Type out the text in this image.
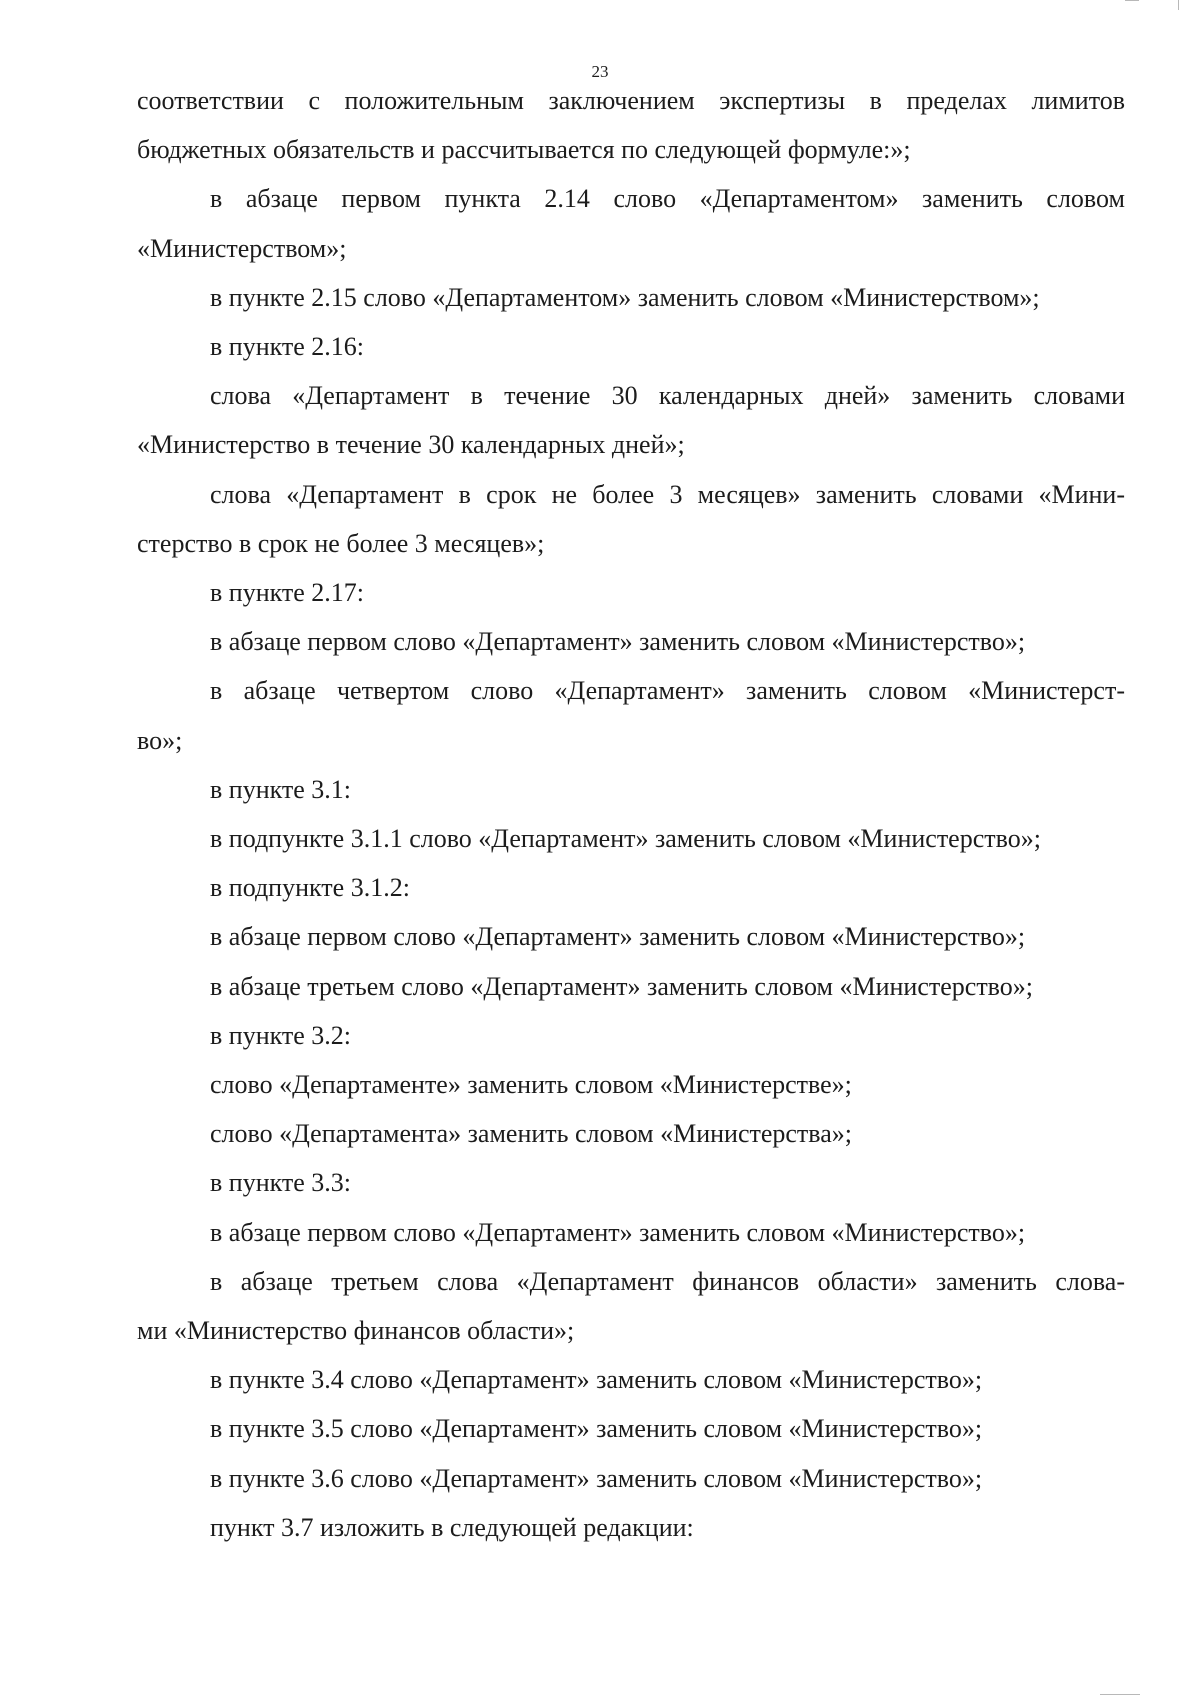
23

соответствии с положительным заключением экспертизы в пределах лимитов

бюджетных обязательств и рассчитывается по следующей формуле:»;

в абзаце первом пункта 2.14 слово «Департаментом» заменить словом

«Министерством»;

в пункте 2.15 слово «Департаментом» заменить словом «Министерством»;

в пункте 2.16:

слова «Департамент в течение 30 календарных дней» заменить словами

«Министерство в течение 30 календарных дней»;

слова «Департамент в срок не более 3 месяцев» заменить словами «Мини-

стерство в срок не более 3 месяцев»;

в пункте 2.17:

в абзаце первом слово «Департамент» заменить словом «Министерство»;

в абзаце четвертом слово «Департамент» заменить словом «Министерст-

во»;

в пункте 3.1:

в подпункте 3.1.1 слово «Департамент» заменить словом «Министерство»;

в подпункте 3.1.2:

в абзаце первом слово «Департамент» заменить словом «Министерство»;

в абзаце третьем слово «Департамент» заменить словом «Министерство»;

в пункте 3.2:

слово «Департаменте» заменить словом «Министерстве»;

слово «Департамента» заменить словом «Министерства»;

в пункте 3.3:

в абзаце первом слово «Департамент» заменить словом «Министерство»;

в абзаце третьем слова «Департамент финансов области» заменить слова-

ми «Министерство финансов области»;

в пункте 3.4 слово «Департамент» заменить словом «Министерство»;

в пункте 3.5 слово «Департамент» заменить словом «Министерство»;

в пункте 3.6 слово «Департамент» заменить словом «Министерство»;

пункт 3.7 изложить в следующей редакции:
